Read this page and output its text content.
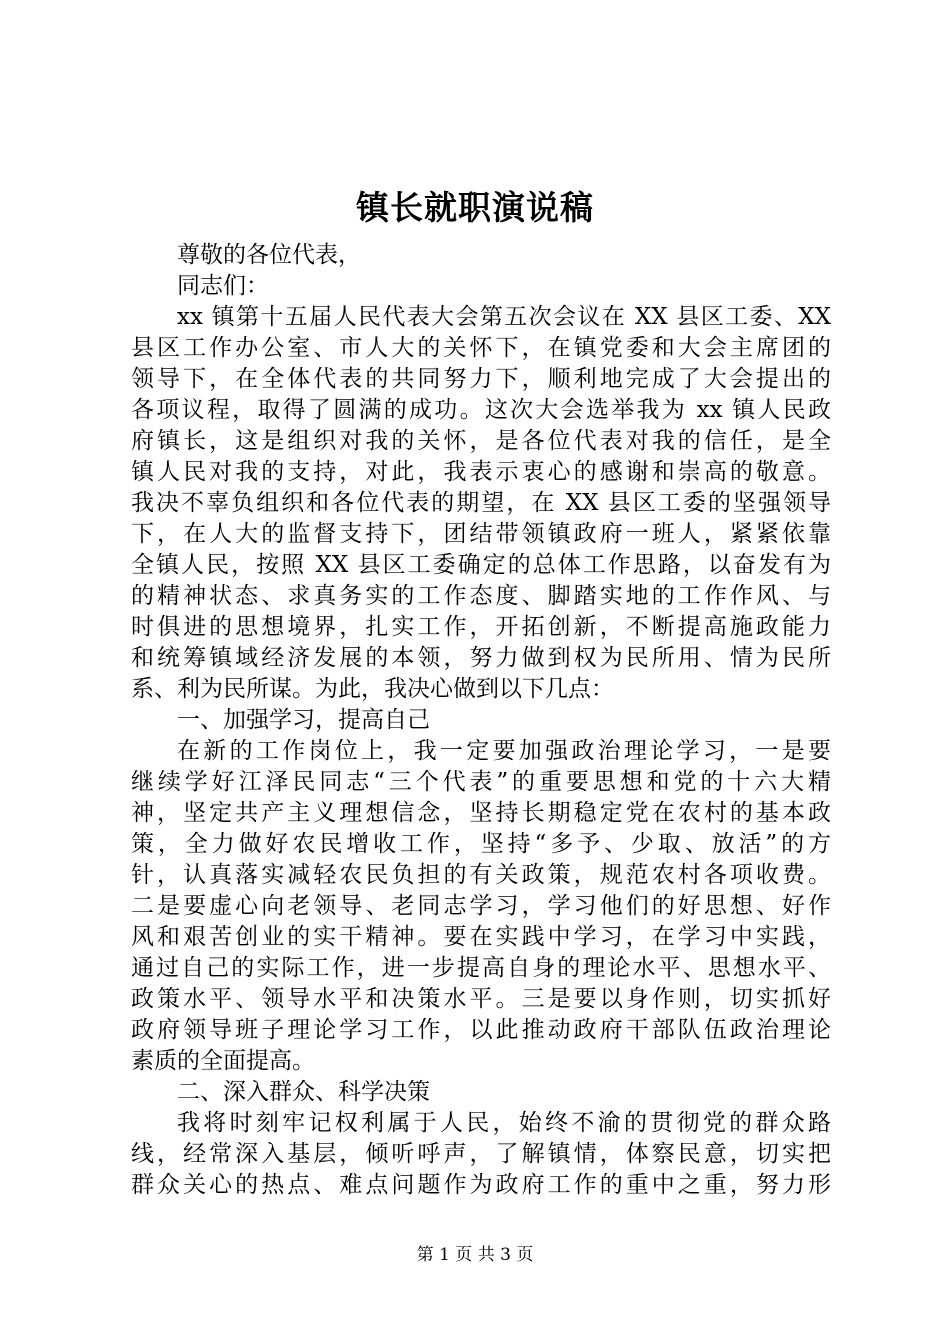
镇长就职演说稿
尊敬的各位代表，
同志们：
xx 镇第十五届人民代表大会第五次会议在 XX 县区工委、XX
县区工作办公室、市人大的关怀下，在镇党委和大会主席团的
领导下，在全体代表的共同努力下，顺利地完成了大会提出的
各项议程，取得了圆满的成功。这次大会选举我为 xx 镇人民政
府镇长，这是组织对我的关怀，是各位代表对我的信任，是全
镇人民对我的支持，对此，我表示衷心的感谢和崇高的敬意。
我决不辜负组织和各位代表的期望，在 XX 县区工委的坚强领导
下，在人大的监督支持下，团结带领镇政府一班人，紧紧依靠
全镇人民，按照 XX 县区工委确定的总体工作思路，以奋发有为
的精神状态、求真务实的工作态度、脚踏实地的工作作风、与
时俱进的思想境界，扎实工作，开拓创新，不断提高施政能力
和统筹镇域经济发展的本领，努力做到权为民所用、情为民所
系、利为民所谋。为此，我决心做到以下几点：
一、加强学习，提高自己
在新的工作岗位上，我一定要加强政治理论学习，一是要
继续学好江泽民同志“三个代表”的重要思想和党的十六大精
神，坚定共产主义理想信念，坚持长期稳定党在农村的基本政
策，全力做好农民增收工作，坚持“多予、少取、放活”的方
针，认真落实减轻农民负担的有关政策，规范农村各项收费。
二是要虚心向老领导、老同志学习，学习他们的好思想、好作
风和艰苦创业的实干精神。要在实践中学习，在学习中实践，
通过自己的实际工作，进一步提高自身的理论水平、思想水平、
政策水平、领导水平和决策水平。三是要以身作则，切实抓好
政府领导班子理论学习工作，以此推动政府干部队伍政治理论
素质的全面提高。
二、深入群众、科学决策
我将时刻牢记权利属于人民，始终不渝的贯彻党的群众路
线，经常深入基层，倾听呼声，了解镇情，体察民意，切实把
群众关心的热点、难点问题作为政府工作的重中之重，努力形
第 1 页 共 3 页
